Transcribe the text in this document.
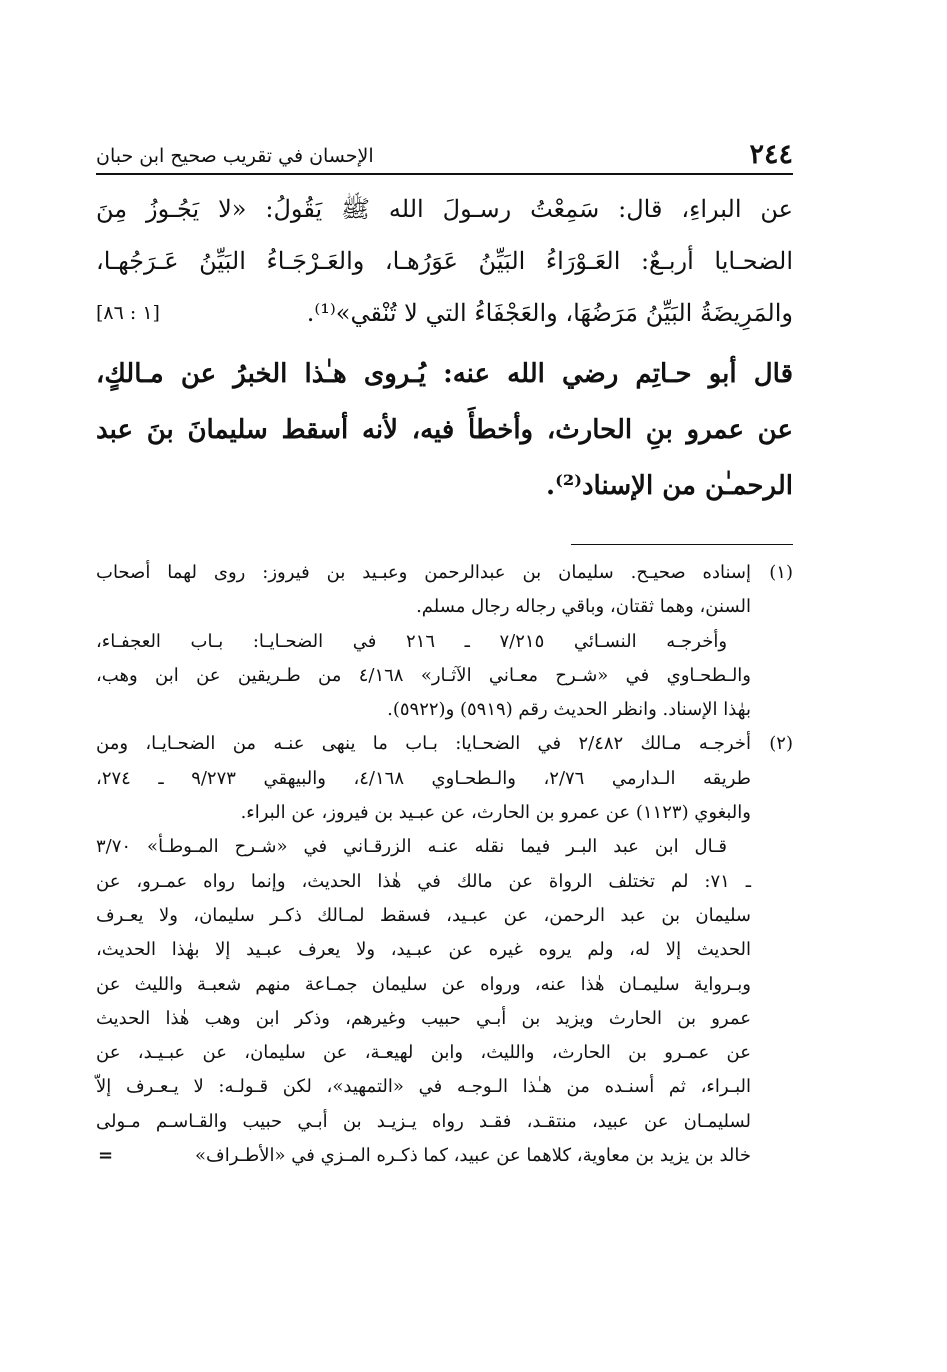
٢٤٤
الإحسان في تقريب صحيح ابن حبان
عن البراءِ، قال: سَمِعْتُ رسـولَ الله ﷺ يَقُولُ: «لا يَجُـوزُ مِنَ
الضحـايا أربـعٌ: العَـوْرَاءُ البَيِّنُ عَوَرُهـا، والعَـرْجَـاءُ البَيِّنُ عَـرَجُهـا،
والمَرِيضَةُ البَيِّنُ مَرَضُهَا، والعَجْفَاءُ التي لا تُنْقي»⁽¹⁾.
[١ : ٨٦]

قال أبو حـاتِم رضي الله عنه: يُـروى هـٰذا الخبرُ عن مـالكٍ،

عن عمرو بنِ الحارث، وأخطأَ فيه، لأنه أسقط سليمانَ بنَ عبد

الرحمـٰن من الإسناد⁽²⁾.

(١)

إسناده صحيـح. سليمان بن عبدالرحمن وعبـيد بن فيروز: روى لهما أصحاب

السنن، وهما ثقتان، وباقي رجاله رجال مسلم.

وأخرجـه النسـائي ٧/٢١٥ ـ ٢١٦ في الضحـايـا: بـاب العجفـاء،

والـطحـاوي في «شـرح معـاني الآثـار» ٤/١٦٨ من طـريقين عن ابن وهب،

بهٰذا الإسناد. وانظر الحديث رقم (٥٩١٩) و(٥٩٢٢).

(٢)

أخرجـه مـالك ٢/٤٨٢ في الضحـايا: بـاب ما ينهى عنـه من الضحـايـا، ومن

طريقه الـدارمي ٢/٧٦، والـطحـاوي ٤/١٦٨، والبيهقي ٩/٢٧٣ ـ ٢٧٤،

والبغوي (١١٢٣) عن عمرو بن الحارث، عن عبـيد بن فيروز، عن البراء.

قـال ابن عبد البـر فيما نقله عنـه الزرقـاني في «شـرح المـوطـأ» ٣/٧٠

ـ ٧١: لم تختلف الرواة عن مالك في هٰذا الحديث، وإنما رواه عمـرو، عن

سليمان بن عبد الرحمن، عن عبـيد، فسقط لمـالك ذكـر سليمان، ولا يعـرف

الحديث إلا له، ولم يروه غيره عن عبـيد، ولا يعرف عبـيد إلا بهٰذا الحديث،

وبـرواية سليمـان هٰذا عنه، ورواه عن سليمان جمـاعة منهم شعبـة والليث عن

عمرو بن الحارث ويزيد بن أبـي حبيب وغيرهم، وذكر ابن وهب هٰذا الحديث

عن عمـرو بن الحارث، والليث، وابن لهيعـة، عن سليمان، عن عبـيـد، عن

البـراء، ثم أسنـده من هـٰذا الـوجـه في «التمهيد»، لكن قـولـه: لا يـعـرف إلاّ

لسليمـان عن عبيد، منتقـد، فقـد رواه يـزيـد بن أبـي حبيب والقـاسـم مـولى

خالد بن يزيد بن معاوية، كلاهما عن عبيد، كما ذكـره المـزي في «الأطـراف»
=
